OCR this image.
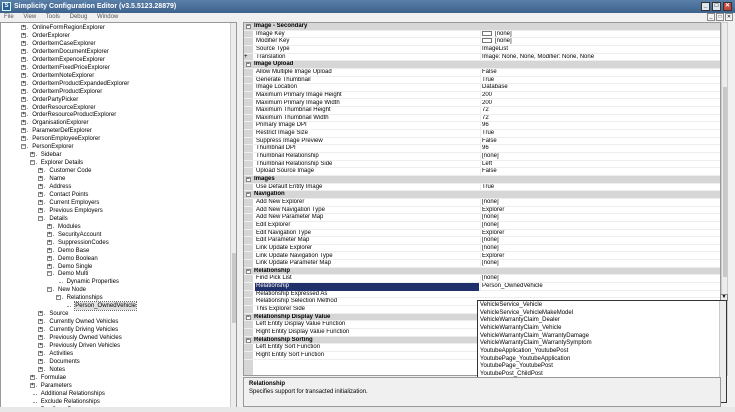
S Simplicity Configuration Editor (v3.5.5123.28879)	_	□	✕
File View Tools Debug Window	_	□	✕
OnlineFormRegionExplorer
+
OrderExplorer
+
OrderItemCaseExplorer
+
OrderItemDocumentExplorer
+
OrderItemExpenceExplorer
+
OrderItemFixedPriceExplorer
+
OrderItemNoteExplorer
+
OrderItemProductExpandedExplorer
+
OrderItemProductExplorer
+
OrderPartyPicker
+
OrderResourceExplorer
+
OrderResourceProductExplorer
+
OrganisationExplorer
+
ParameterDefExplorer
+
PersonEmployeeExplorer
+
PersonExplorer
−
Sidebar
+
Explorer Details
−
Customer Code
+
Name
+
Address
+
Contact Points
+
Current Employers
+
Previous Employers
+
Details
−
Modules
+
SecurityAccount
+
SuppressionCodes
+
Demo Base
+
Demo Boolean
+
Demo Single
+
Demo Multi
−
Dynamic Properties
New Node
−
Relationships
−
Person_OwnedVehicle
Source
+
Currently Owned Vehicles
+
Currently Driving Vehicles
+
Previously Owned Vehicles
+
Previously Driven Vehicles
+
Activities
+
Documents
+
Notes
+
Formulae
+
Parameters
+
Additional Relationships
Exclude Relationships
− Image - Secondary
Image Key	[none]
Modifier Key	[none]
Source Type	ImageList
+ Translation	Image: None, None, Modifier: None, None
− Image Upload
Allow Multiple Image Upload	False
Generate Thumbnail	True
Image Location	Database
Maximum Primary Image Height	200
Maximum Primary Image Width	200
Maximum Thumbnail Height	72
Maximum Thumbnail Width	72
Primary Image DPI	96
Restrict Image Size	True
Suppress Image Preview	False
Thumbnail DPI	96
Thumbnail Relationship	[none]
Thumbnail Relationship Side	Left
Upload Source Image	False
− Images
Use Default Entity Image	True
− Navigation
Add New Explorer	[none]
Add New Navigation Type	Explorer
Add New Parameter Map	[none]
Edit Explorer	[none]
Edit Navigation Type	Explorer
Edit Parameter Map	[none]
Link Update Explorer	[none]
Link Update Navigation Type	Explorer
Link Update Parameter Map	[none]
− Relationship
Find Pick List	[none]
Relationship	Person_OwnedVehicle
Relationship Expressed As
Relationship Selection Method
This Explorer Side
− Relationship Display Value
Left Entity Display Value Function
Right Entity Display Value Function
− Relationship Sorting
Left Entity Sort Function
Right Entity Sort Function
▼
VehicleService_Vehicle
VehicleService_VehicleMakeModel
VehicleWarrantyClaim_Dealer
VehicleWarrantyClaim_Vehicle
VehicleWarrantyClaim_WarrantyDamage
VehicleWarrantyClaim_WarrantySymptom
YoutubeApplication_YoutubePost
YoutubePage_YoutubeApplication
YoutubePage_YoutubePost
YoutubePost_ChildPost
Relationship
Specifies support for transacted initialization.
